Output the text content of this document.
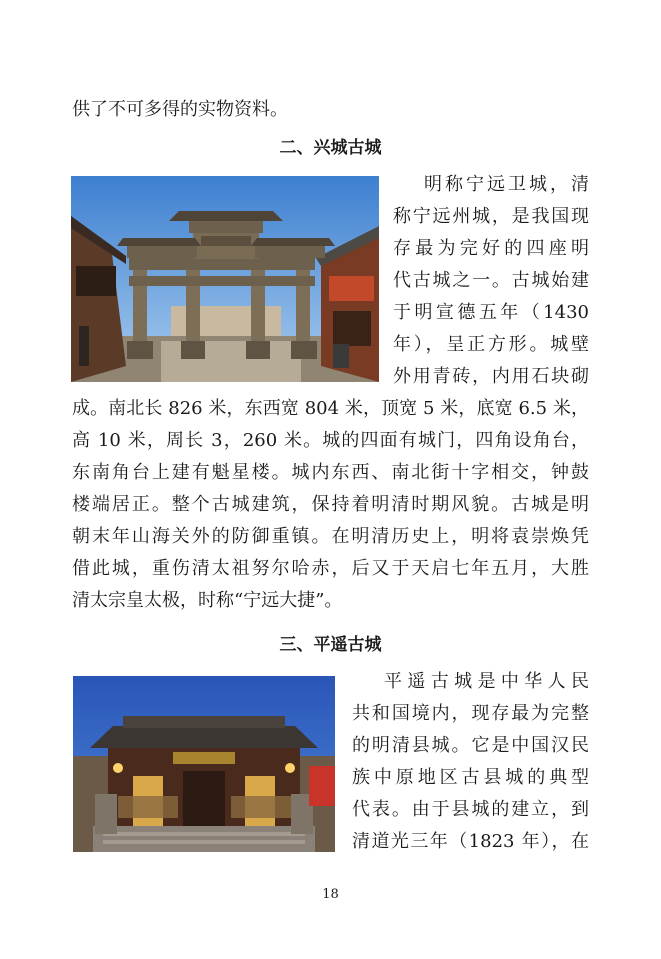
供了不可多得的实物资料。
二、兴城古城
明称宁远卫城，清
称宁远州城，是我国现
存最为完好的四座明
代古城之一。古城始建
于明宣德五年（1430
年），呈正方形。城壁
外用青砖，内用石块砌
成。南北长 826 米，东西宽 804 米，顶宽 5 米，底宽 6.5 米，
高 10 米，周长 3，260 米。城的四面有城门，四角设角台，
东南角台上建有魁星楼。城内东西、南北街十字相交，钟鼓
楼端居正。整个古城建筑，保持着明清时期风貌。古城是明
朝末年山海关外的防御重镇。在明清历史上，明将袁崇焕凭
借此城，重伤清太祖努尔哈赤，后又于天启七年五月，大胜
清太宗皇太极，时称“宁远大捷”。
三、平遥古城
平遥古城是中华人民
共和国境内，现存最为完整
的明清县城。它是中国汉民
族中原地区古县城的典型
代表。由于县城的建立，到
清道光三年（1823 年），在
18
